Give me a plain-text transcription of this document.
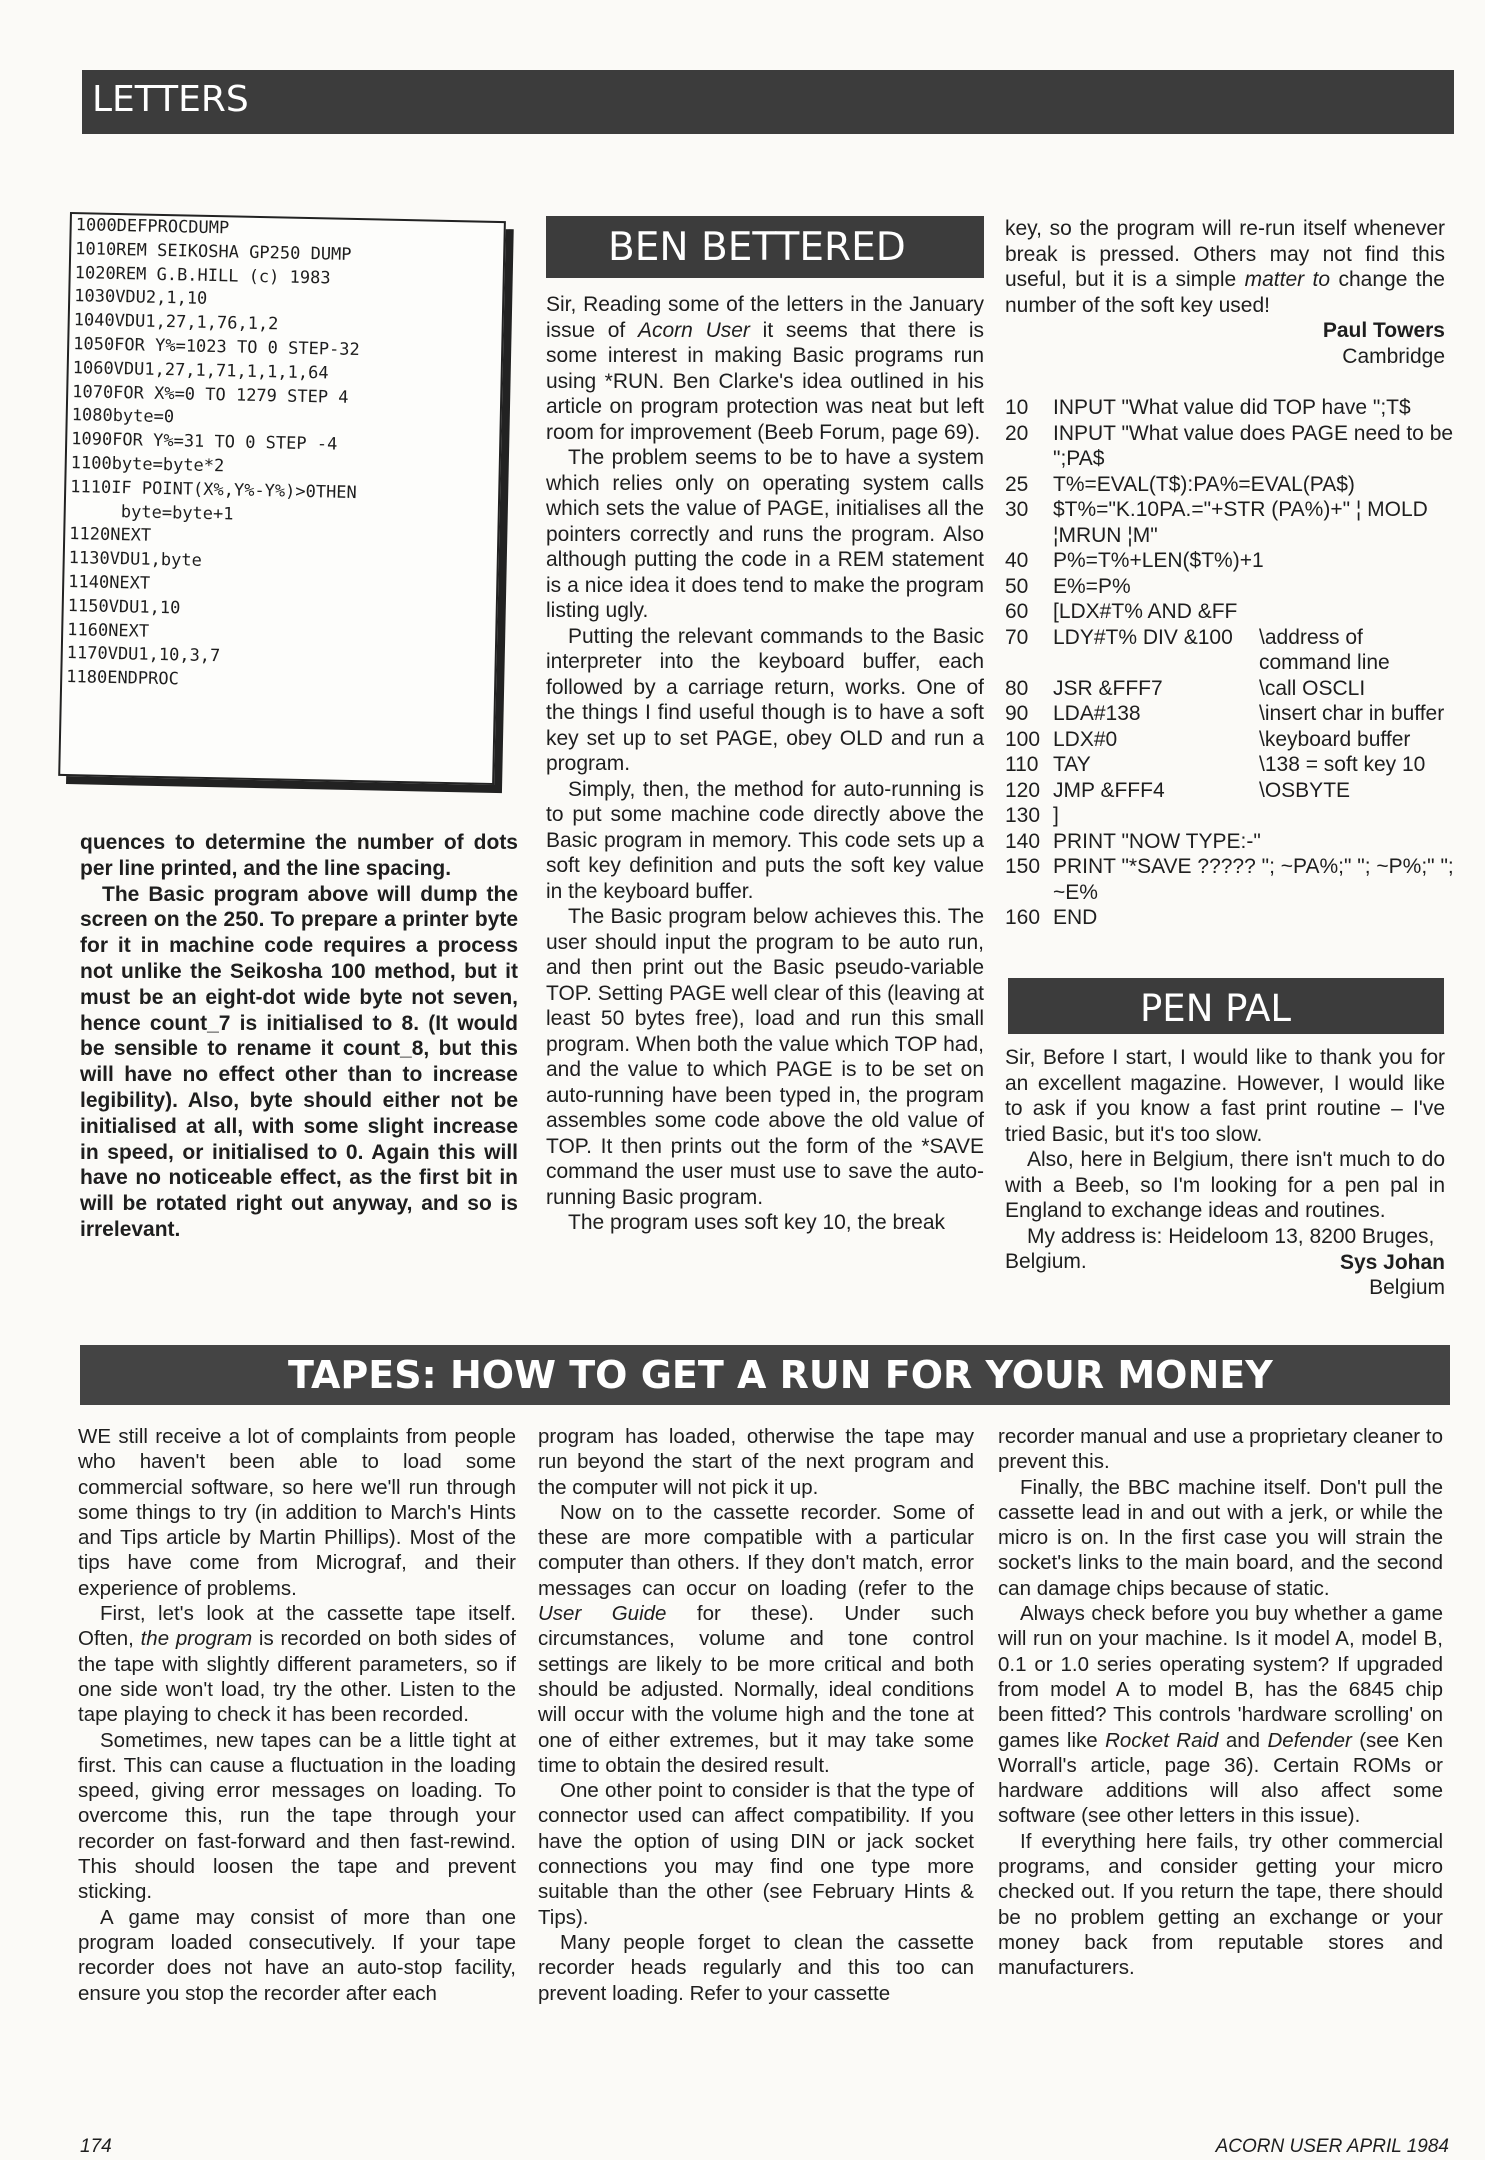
LETTERS
1000DEFPROCDUMP
1010REM SEIKOSHA GP250 DUMP
1020REM G.B.HILL (c) 1983
1030VDU2,1,10
1040VDU1,27,1,76,1,2
1050FOR Y%=1023 TO 0 STEP-32
1060VDU1,27,1,71,1,1,1,64
1070FOR X%=0 TO 1279 STEP 4
1080byte=0
1090FOR Y%=31 TO 0 STEP -4
1100byte=byte*2
1110IF POINT(X%,Y%-Y%)>0THEN
byte=byte+1
1120NEXT
1130VDU1,byte
1140NEXT
1150VDU1,10
1160NEXT
1170VDU1,10,3,7
1180ENDPROC

quences to determine the number of dots per line printed, and the line spacing.

The Basic program above will dump the screen on the 250. To prepare a printer byte for it in machine code requires a process not unlike the Seikosha 100 method, but it must be an eight-dot wide byte not seven, hence count_7 is initialised to 8. (It would be sensible to rename it count_8, but this will have no effect other than to increase legibility). Also, byte should either not be initialised at all, with some slight increase in speed, or initialised to 0. Again this will have no noticeable effect, as the first bit in will be rotated right out anyway, and so is irrelevant.

BEN BETTERED

Sir, Reading some of the letters in the January issue of Acorn User it seems that there is some interest in making Basic programs run using *RUN. Ben Clarke's idea outlined in his article on program protection was neat but left room for improvement (Beeb Forum, page 69).

The problem seems to be to have a system which relies only on operating system calls which sets the value of PAGE, initialises all the pointers correctly and runs the program. Also although putting the code in a REM statement is a nice idea it does tend to make the program listing ugly.

Putting the relevant commands to the Basic interpreter into the keyboard buffer, each followed by a carriage return, works. One of the things I find useful though is to have a soft key set up to set PAGE, obey OLD and run a program.

Simply, then, the method for auto-running is to put some machine code directly above the Basic program in memory. This code sets up a soft key definition and puts the soft key value in the keyboard buffer.

The Basic program below achieves this. The user should input the program to be auto run, and then print out the Basic pseudo-variable TOP. Setting PAGE well clear of this (leaving at least 50 bytes free), load and run this small program. When both the value which TOP had, and the value to which PAGE is to be set on auto-running have been typed in, the program assembles some code above the old value of TOP. It then prints out the form of the *SAVE command the user must use to save the auto-running Basic program.

The program uses soft key 10, the break

key, so the program will re-run itself whenever break is pressed. Others may not find this useful, but it is a simple matter to change the number of the soft key used!

Paul Towers
Cambridge
10	INPUT "What value did TOP have ";T$
20	INPUT "What value does PAGE need to be ";PA$
25	T%=EVAL(T$):PA%=EVAL(PA$)
30	$T%="K.10PA.="+STR (PA%)+" ¦ MOLD ¦MRUN ¦M"
40	P%=T%+LEN($T%)+1
50	E%=P%
60	[LDX#T% AND &FF
70	LDY#T% DIV &100	\address of command line
80	JSR &FFF7	\call OSCLI
90	LDA#138	\insert char in buffer
100 LDX#0	\keyboard buffer
110 TAY	\138 = soft key 10
120 JMP &FFF4	\OSBYTE
130 ]
140 PRINT "NOW TYPE:-"
150 PRINT "*SAVE ????? "; ~PA%;" "; ~P%;" "; ~E%
160 END
PEN PAL

Sir, Before I start, I would like to thank you for an excellent magazine. However, I would like to ask if you know a fast print routine – I've tried Basic, but it's too slow.

Also, here in Belgium, there isn't much to do with a Beeb, so I'm looking for a pen pal in England to exchange ideas and routines.

My address is: Heideloom 13, 8200 Bruges, Belgium.	Sys Johan
Belgium
TAPES: HOW TO GET A RUN FOR YOUR MONEY

WE still receive a lot of complaints from people who haven't been able to load some commercial software, so here we'll run through some things to try (in addition to March's Hints and Tips article by Martin Phillips). Most of the tips have come from Micrograf, and their experience of problems.

First, let's look at the cassette tape itself. Often, the program is recorded on both sides of the tape with slightly different parameters, so if one side won't load, try the other. Listen to the tape playing to check it has been recorded.

Sometimes, new tapes can be a little tight at first. This can cause a fluctuation in the loading speed, giving error messages on loading. To overcome this, run the tape through your recorder on fast-forward and then fast-rewind. This should loosen the tape and prevent sticking.

A game may consist of more than one program loaded consecutively. If your tape recorder does not have an auto-stop facility, ensure you stop the recorder after each

program has loaded, otherwise the tape may run beyond the start of the next program and the computer will not pick it up.

Now on to the cassette recorder. Some of these are more compatible with a particular computer than others. If they don't match, error messages can occur on loading (refer to the User Guide for these). Under such circumstances, volume and tone control settings are likely to be more critical and both should be adjusted. Normally, ideal conditions will occur with the volume high and the tone at one of either extremes, but it may take some time to obtain the desired result.

One other point to consider is that the type of connector used can affect compatibility. If you have the option of using DIN or jack socket connections you may find one type more suitable than the other (see February Hints & Tips).

Many people forget to clean the cassette recorder heads regularly and this too can prevent loading. Refer to your cassette

recorder manual and use a proprietary cleaner to prevent this.

Finally, the BBC machine itself. Don't pull the cassette lead in and out with a jerk, or while the micro is on. In the first case you will strain the socket's links to the main board, and the second can damage chips because of static.

Always check before you buy whether a game will run on your machine. Is it model A, model B, 0.1 or 1.0 series operating system? If upgraded from model A to model B, has the 6845 chip been fitted? This controls 'hardware scrolling' on games like Rocket Raid and Defender (see Ken Worrall's article, page 36). Certain ROMs or hardware additions will also affect some software (see other letters in this issue).

If everything here fails, try other commercial programs, and consider getting your micro checked out. If you return the tape, there should be no problem getting an exchange or your money back from reputable stores and manufacturers.

174	ACORN USER APRIL 1984
